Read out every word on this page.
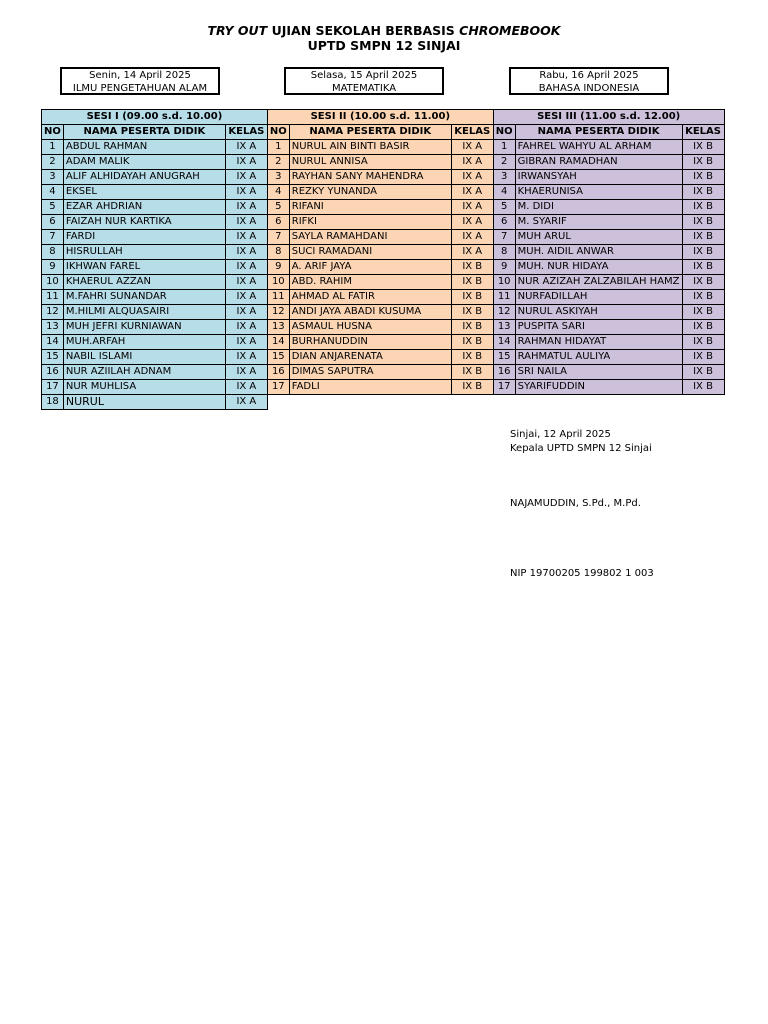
TRY OUT UJIAN SEKOLAH BERBASIS CHROMEBOOK
UPTD SMPN 12 SINJAI
Senin, 14 April 2025
ILMU PENGETAHUAN ALAM
Selasa, 15 April 2025
MATEMATIKA
Rabu, 16 April 2025
BAHASA INDONESIA
SESI I (09.00 s.d. 10.00)			SESI II (10.00 s.d. 11.00)			SESI III (11.00 s.d. 12.00)		
NO	NAMA PESERTA DIDIK	KELAS	NO	NAMA PESERTA DIDIK	KELAS	NO	NAMA PESERTA DIDIK	KELAS
1	ABDUL RAHMAN	IX A	1	NURUL AIN BINTI BASIR	IX A	1	FAHREL WAHYU AL ARHAM	IX B
2	ADAM MALIK	IX A	2	NURUL ANNISA	IX A	2	GIBRAN RAMADHAN	IX B
3	ALIF ALHIDAYAH ANUGRAH	IX A	3	RAYHAN SANY MAHENDRA	IX A	3	IRWANSYAH	IX B
4	EKSEL	IX A	4	REZKY YUNANDA	IX A	4	KHAERUNISA	IX B
5	EZAR AHDRIAN	IX A	5	RIFANI	IX A	5	M. DIDI	IX B
6	FAIZAH NUR KARTIKA	IX A	6	RIFKI	IX A	6	M. SYARIF	IX B
7	FARDI	IX A	7	SAYLA RAMAHDANI	IX A	7	MUH ARUL	IX B
8	HISRULLAH	IX A	8	SUCI RAMADANI	IX A	8	MUH. AIDIL ANWAR	IX B
9	IKHWAN FAREL	IX A	9	A. ARIF JAYA	IX B	9	MUH. NUR HIDAYA	IX B
10	KHAERUL AZZAN	IX A	10	ABD. RAHIM	IX B	10	NUR AZIZAH ZALZABILAH HAMZ	IX B
11	M.FAHRI SUNANDAR	IX A	11	AHMAD AL FATIR	IX B	11	NURFADILLAH	IX B
12	M.HILMI ALQUASAIRI	IX A	12	ANDI JAYA ABADI KUSUMA	IX B	12	NURUL ASKIYAH	IX B
13	MUH JEFRI KURNIAWAN	IX A	13	ASMAUL HUSNA	IX B	13	PUSPITA SARI	IX B
14	MUH.ARFAH	IX A	14	BURHANUDDIN	IX B	14	RAHMAN HIDAYAT	IX B
15	NABIL ISLAMI	IX A	15	DIAN ANJARENATA	IX B	15	RAHMATUL AULIYA	IX B
16	NUR AZIILAH ADNAM	IX A	16	DIMAS SAPUTRA	IX B	16	SRI NAILA	IX B
17	NUR MUHLISA	IX A	17	FADLI	IX B	17	SYARIFUDDIN	IX B
18	NURUL	IX A						
Sinjai, 12 April 2025
Kepala UPTD SMPN 12 Sinjai
NAJAMUDDIN, S.Pd., M.Pd.
NIP 19700205 199802 1 003
